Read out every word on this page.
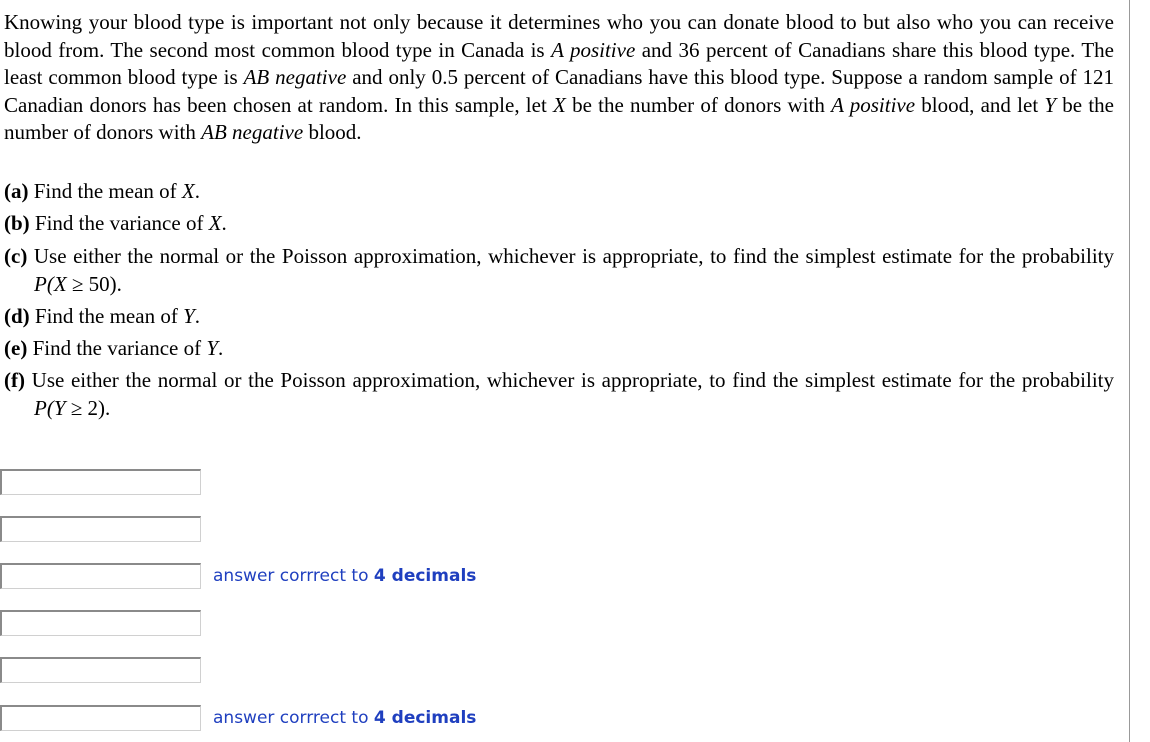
Knowing your blood type is important not only because it determines who you can donate blood to but also who you can receive blood from. The second most common blood type in Canada is A positive and 36 percent of Canadians share this blood type. The least common blood type is AB negative and only 0.5 percent of Canadians have this blood type. Suppose a random sample of 121 Canadian donors has been chosen at random. In this sample, let X be the number of donors with A positive blood, and let Y be the number of donors with AB negative blood.
(a) Find the mean of X.
(b) Find the variance of X.
(c) Use either the normal or the Poisson approximation, whichever is appropriate, to find the simplest estimate for the probability P(X ≥ 50).
(d) Find the mean of Y.
(e) Find the variance of Y.
(f) Use either the normal or the Poisson approximation, whichever is appropriate, to find the simplest estimate for the probability P(Y ≥ 2).
answer corrrect to 4 decimals
answer corrrect to 4 decimals
